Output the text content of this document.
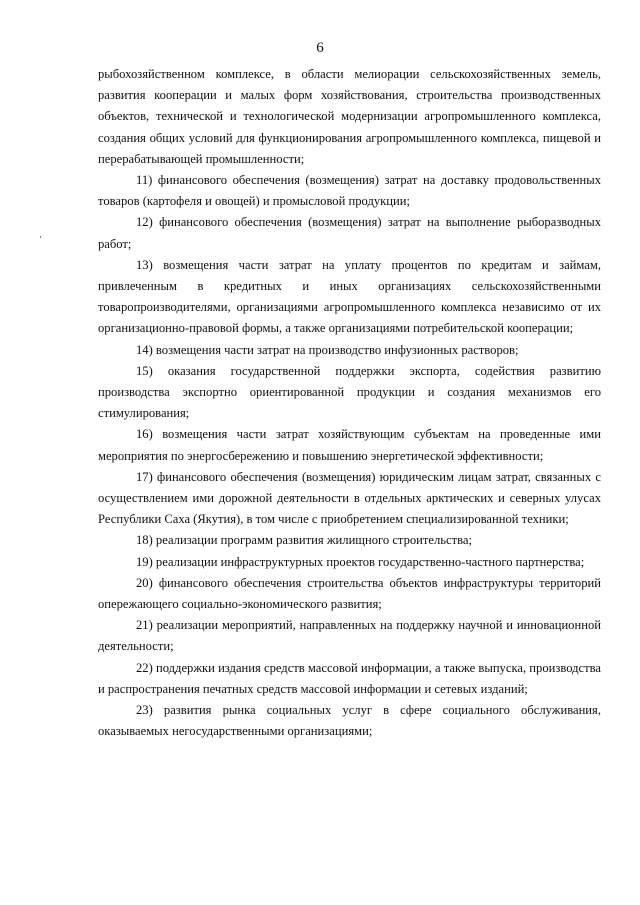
6

рыбохозяйственном комплексе, в области мелиорации сельскохозяйственных земель, развития кооперации и малых форм хозяйствования, строительства производственных объектов, технической и технологической модернизации агропромышленного комплекса, создания общих условий для функционирования агропромышленного комплекса, пищевой и перерабатывающей промышленности;

11) финансового обеспечения (возмещения) затрат на доставку продовольственных товаров (картофеля и овощей) и промысловой продукции;

12) финансового обеспечения (возмещения) затрат на выполнение рыборазводных работ;

13) возмещения части затрат на уплату процентов по кредитам и займам, привлеченным в кредитных и иных организациях сельскохозяйственными товаропроизводителями, организациями агропромышленного комплекса независимо от их организационно-правовой формы, а также организациями потребительской кооперации;

14) возмещения части затрат на производство инфузионных растворов;

15) оказания государственной поддержки экспорта, содействия развитию производства экспортно ориентированной продукции и создания механизмов его стимулирования;

16) возмещения части затрат хозяйствующим субъектам на проведенные ими мероприятия по энергосбережению и повышению энергетической эффективности;

17) финансового обеспечения (возмещения) юридическим лицам затрат, связанных с осуществлением ими дорожной деятельности в отдельных арктических и северных улусах Республики Саха (Якутия), в том числе с приобретением специализированной техники;

18) реализации программ развития жилищного строительства;

19) реализации инфраструктурных проектов государственно-частного партнерства;

20) финансового обеспечения строительства объектов инфраструктуры территорий опережающего социально-экономического развития;

21) реализации мероприятий, направленных на поддержку научной и инновационной деятельности;

22) поддержки издания средств массовой информации, а также выпуска, производства и распространения печатных средств массовой информации и сетевых изданий;

23) развития рынка социальных услуг в сфере социального обслуживания, оказываемых негосударственными организациями;
